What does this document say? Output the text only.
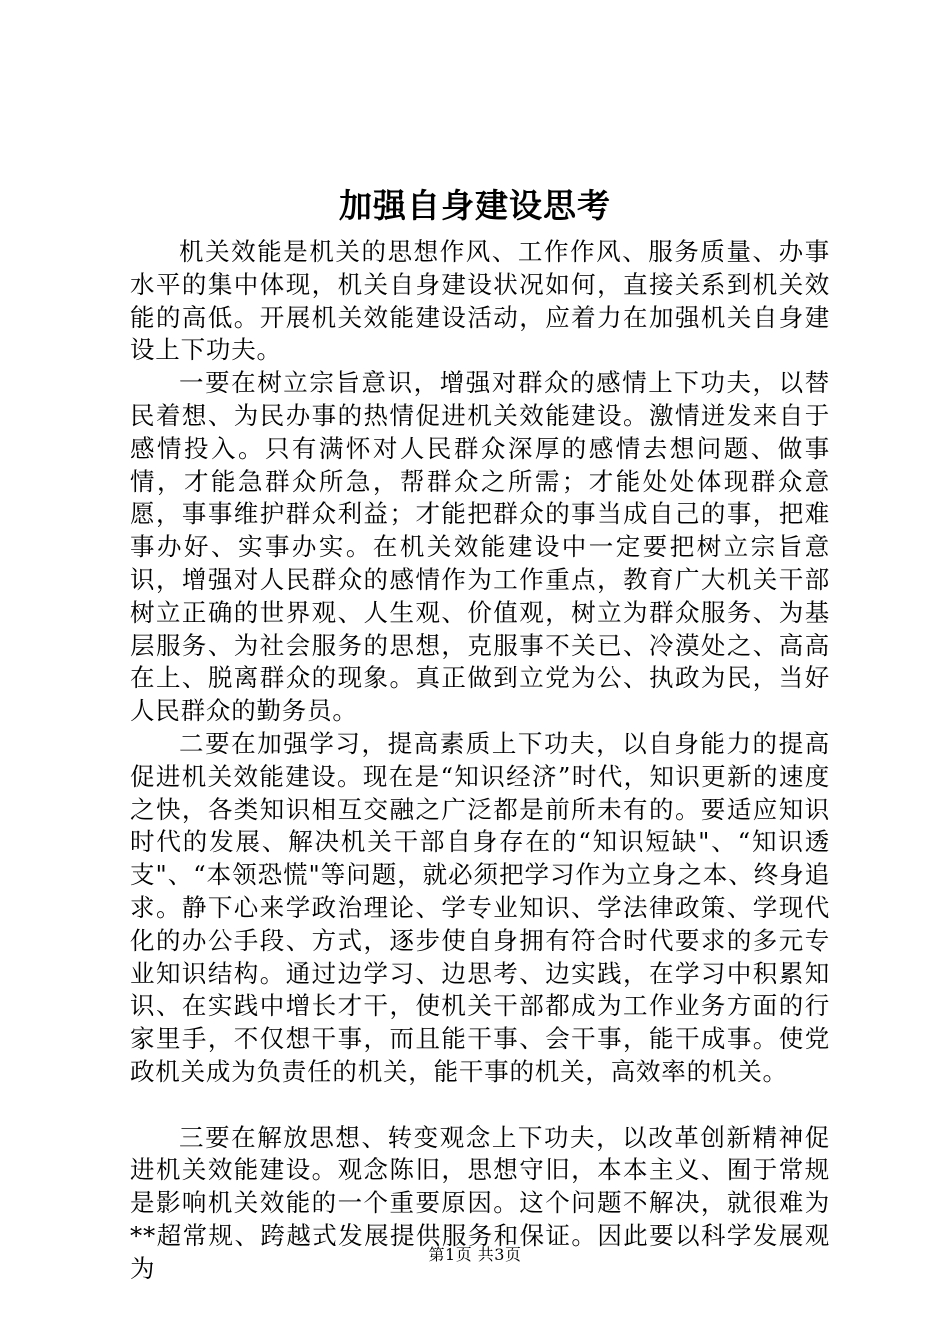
加强自身建设思考

机关效能是机关的思想作风、工作作风、服务质量、办事水平的集中体现，机关自身建设状况如何，直接关系到机关效能的高低。开展机关效能建设活动，应着力在加强机关自身建设上下功夫。

一要在树立宗旨意识，增强对群众的感情上下功夫，以替民着想、为民办事的热情促进机关效能建设。激情迸发来自于感情投入。只有满怀对人民群众深厚的感情去想问题、做事情，才能急群众所急，帮群众之所需；才能处处体现群众意愿，事事维护群众利益；才能把群众的事当成自己的事，把难事办好、实事办实。在机关效能建设中一定要把树立宗旨意识，增强对人民群众的感情作为工作重点，教育广大机关干部树立正确的世界观、人生观、价值观，树立为群众服务、为基层服务、为社会服务的思想，克服事不关已、冷漠处之、高高在上、脱离群众的现象。真正做到立党为公、执政为民，当好人民群众的勤务员。

二要在加强学习，提高素质上下功夫，以自身能力的提高促进机关效能建设。现在是“知识经济”时代，知识更新的速度之快，各类知识相互交融之广泛都是前所未有的。要适应知识时代的发展、解决机关干部自身存在的“知识短缺"、“知识透支"、“本领恐慌"等问题，就必须把学习作为立身之本、终身追求。静下心来学政治理论、学专业知识、学法律政策、学现代化的办公手段、方式，逐步使自身拥有符合时代要求的多元专业知识结构。通过边学习、边思考、边实践，在学习中积累知识、在实践中增长才干，使机关干部都成为工作业务方面的行家里手，不仅想干事，而且能干事、会干事，能干成事。使党政机关成为负责任的机关，能干事的机关，高效率的机关。

三要在解放思想、转变观念上下功夫，以改革创新精神促进机关效能建设。观念陈旧，思想守旧，本本主义、囿于常规是影响机关效能的一个重要原因。这个问题不解决，就很难为**超常规、跨越式发展提供服务和保证。因此要以科学发展观为	第1页 共3页
